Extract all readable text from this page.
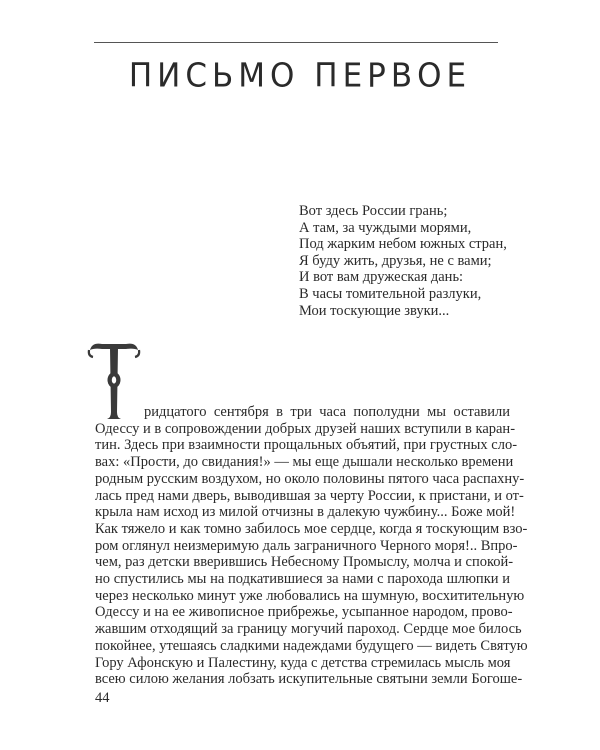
ПИСЬМО ПЕРВОЕ
Вот здесь России грань;
А там, за чуждыми морями,
Под жарким небом южных стран,
Я буду жить, друзья, не с вами;
И вот вам дружеская дань:
В часы томительной разлуки,
Мои тоскующие звуки...
ридцатого сентября в три часа пополудни мы оставили
Одессу и в сопровождении добрых друзей наших вступили в каран-
тин. Здесь при взаимности прощальных объятий, при грустных сло-
вах: «Прости, до свидания!» — мы еще дышали несколько времени
родным русским воздухом, но около половины пятого часа распахну-
лась пред нами дверь, выводившая за черту России, к пристани, и от-
крыла нам исход из милой отчизны в далекую чужбину... Боже мой!
Как тяжело и как томно забилось мое сердце, когда я тоскующим взо-
ром оглянул неизмеримую даль заграничного Черного моря!.. Впро-
чем, раз детски вверившись Небесному Промыслу, молча и спокой-
но спустились мы на подкатившиеся за нами с парохода шлюпки и
через несколько минут уже любовались на шумную, восхитительную
Одессу и на ее живописное прибрежье, усыпанное народом, прово-
жавшим отходящий за границу могучий пароход. Сердце мое билось
покойнее, утешаясь сладкими надеждами будущего — видеть Святую
Гору Афонскую и Палестину, куда с детства стремилась мысль моя
всею силою желания лобзать искупительные святыни земли Богоше-
44
